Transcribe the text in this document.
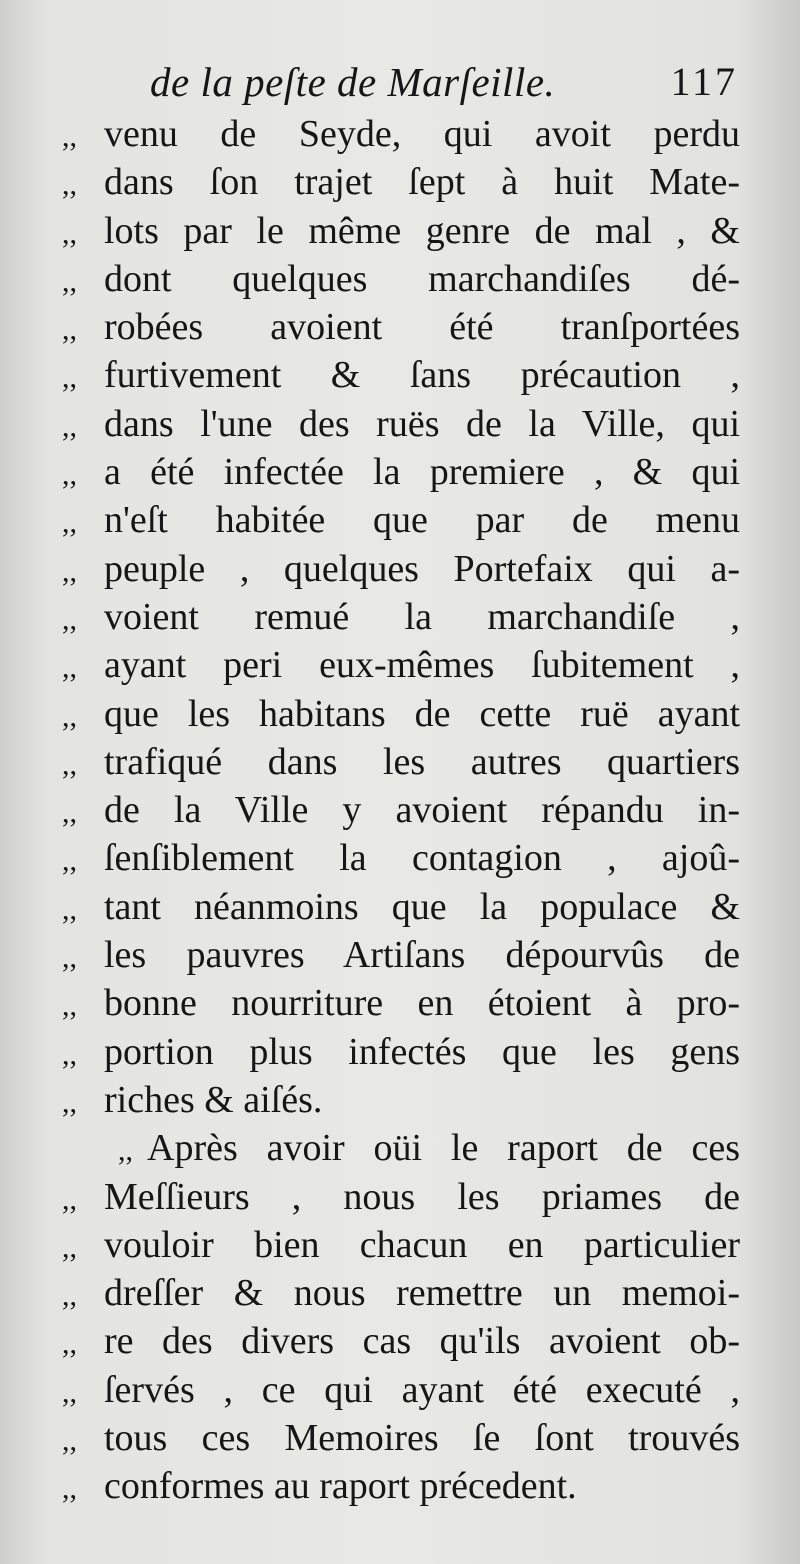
de la peſte de Marſeille.	117
,, venu de Seyde, qui avoit perdu
,, dans ſon trajet ſept à huit Mate-
,, lots par le même genre de mal , &
,, dont quelques marchandiſes dé-
,, robées avoient été tranſportées
,, furtivement & ſans précaution ,
,, dans l'une des ruës de la Ville, qui
,, a été infectée la premiere , & qui
,, n'eſt habitée que par de menu
,, peuple , quelques Portefaix qui a-
,, voient remué la marchandiſe ,
,, ayant peri eux-mêmes ſubitement ,
,, que les habitans de cette ruë ayant
,, trafiqué dans les autres quartiers
,, de la Ville y avoient répandu in-
,, ſenſiblement la contagion , ajoû-
,, tant néanmoins que la populace &
,, les pauvres Artiſans dépourvûs de
,, bonne nourriture en étoient à pro-
,, portion plus infectés que les gens
,, riches & aiſés.
,, Après avoir oüi le raport de ces
,, Meſſieurs , nous les priames de
,, vouloir bien chacun en particulier
,, dreſſer & nous remettre un memoi-
,, re des divers cas qu'ils avoient ob-
,, ſervés , ce qui ayant été executé ,
,, tous ces Memoires ſe ſont trouvés
,, conformes au raport précedent.
